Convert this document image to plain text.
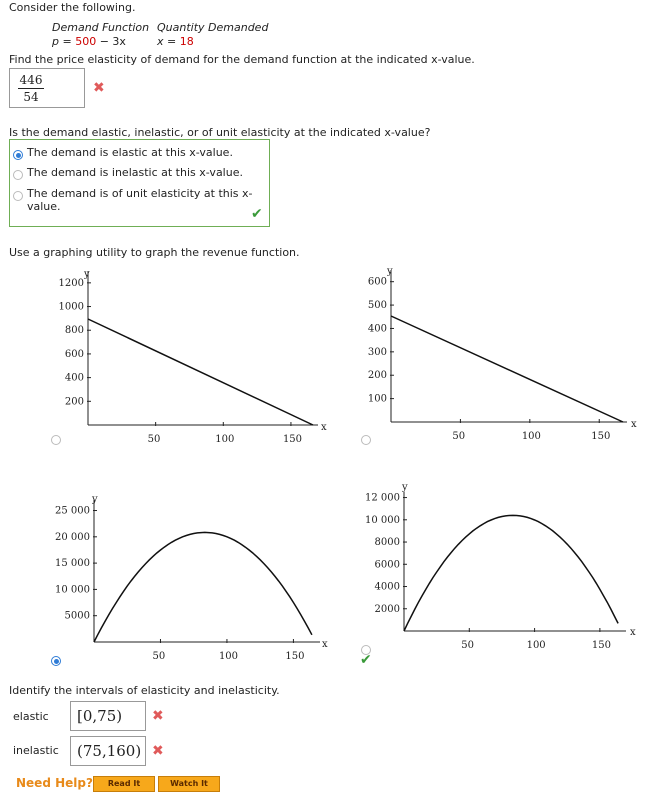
Consider the following.
Demand Function Quantity Demanded
p = 500 − 3x	x = 18
Find the price elasticity of demand for the demand function at the indicated x-value.
$\frac{446}{54}$	✖
Is the demand elastic, inelastic, or of unit elasticity at the indicated x-value?
The demand is elastic at this x-value.
The demand is inelastic at this x-value.
The demand is of unit elasticity at this x-value.	✔
Use a graphing utility to graph the revenue function.
y
x
50	100	150
200
400
600
800
1000
1200
y
x
50	100	150
100
200
300
400
500
600
y
x
50	100	150
5000
10 000
15 000
20 000
25 000
y
x
50	100	150
2000
4000
6000
8000
10 000
12 000
✔
Identify the intervals of elasticity and inelasticity.
elastic	[0,75)	✖
inelastic	(75,160) ✖
Need Help?	Read It	Watch It
